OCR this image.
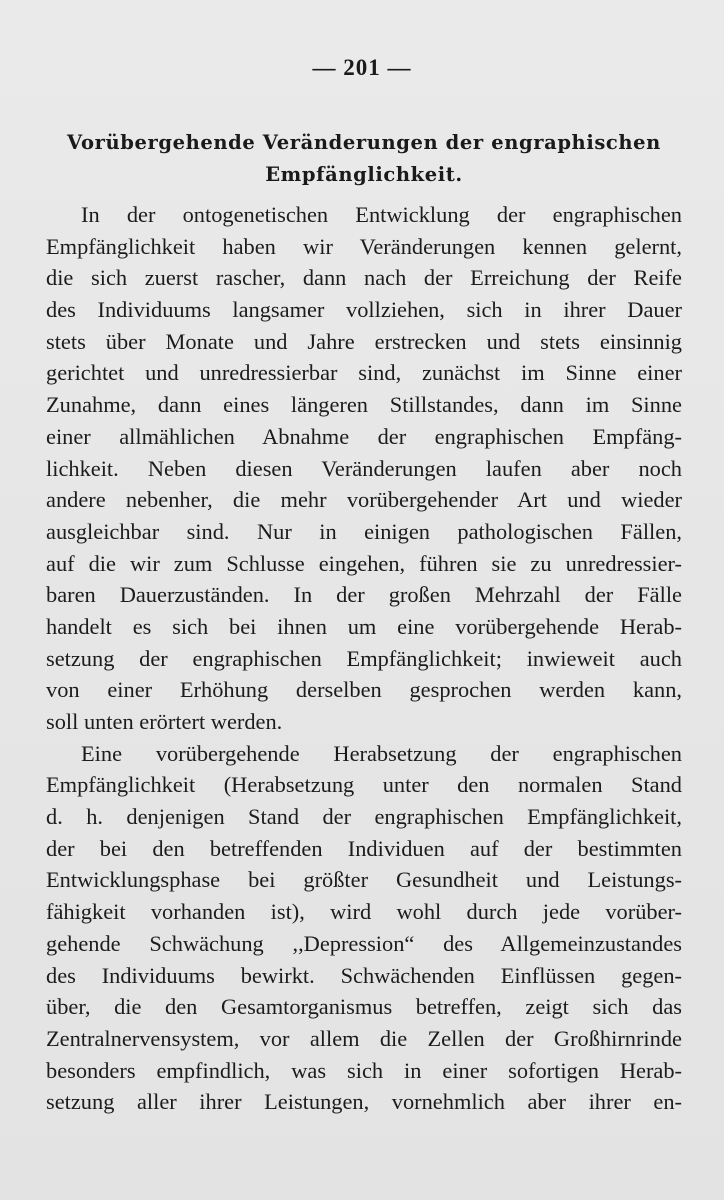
— 201 —
Vorübergehende Veränderungen der engraphischen
Empfänglichkeit.
In der ontogenetischen Entwicklung der engraphischen
Empfänglichkeit haben wir Veränderungen kennen gelernt,
die sich zuerst rascher, dann nach der Erreichung der Reife
des Individuums langsamer vollziehen, sich in ihrer Dauer
stets über Monate und Jahre erstrecken und stets einsinnig
gerichtet und unredressierbar sind, zunächst im Sinne einer
Zunahme, dann eines längeren Stillstandes, dann im Sinne
einer allmählichen Abnahme der engraphischen Empfäng-
lichkeit. Neben diesen Veränderungen laufen aber noch
andere nebenher, die mehr vorübergehender Art und wieder
ausgleichbar sind. Nur in einigen pathologischen Fällen,
auf die wir zum Schlusse eingehen, führen sie zu unredressier-
baren Dauerzuständen. In der großen Mehrzahl der Fälle
handelt es sich bei ihnen um eine vorübergehende Herab-
setzung der engraphischen Empfänglichkeit; inwieweit auch
von einer Erhöhung derselben gesprochen werden kann,
soll unten erörtert werden.
Eine vorübergehende Herabsetzung der engraphischen
Empfänglichkeit (Herabsetzung unter den normalen Stand
d. h. denjenigen Stand der engraphischen Empfänglichkeit,
der bei den betreffenden Individuen auf der bestimmten
Entwicklungsphase bei größter Gesundheit und Leistungs-
fähigkeit vorhanden ist), wird wohl durch jede vorüber-
gehende Schwächung ,,Depression“ des Allgemeinzustandes
des Individuums bewirkt. Schwächenden Einflüssen gegen-
über, die den Gesamtorganismus betreffen, zeigt sich das
Zentralnervensystem, vor allem die Zellen der Großhirnrinde
besonders empfindlich, was sich in einer sofortigen Herab-
setzung aller ihrer Leistungen, vornehmlich aber ihrer en-
